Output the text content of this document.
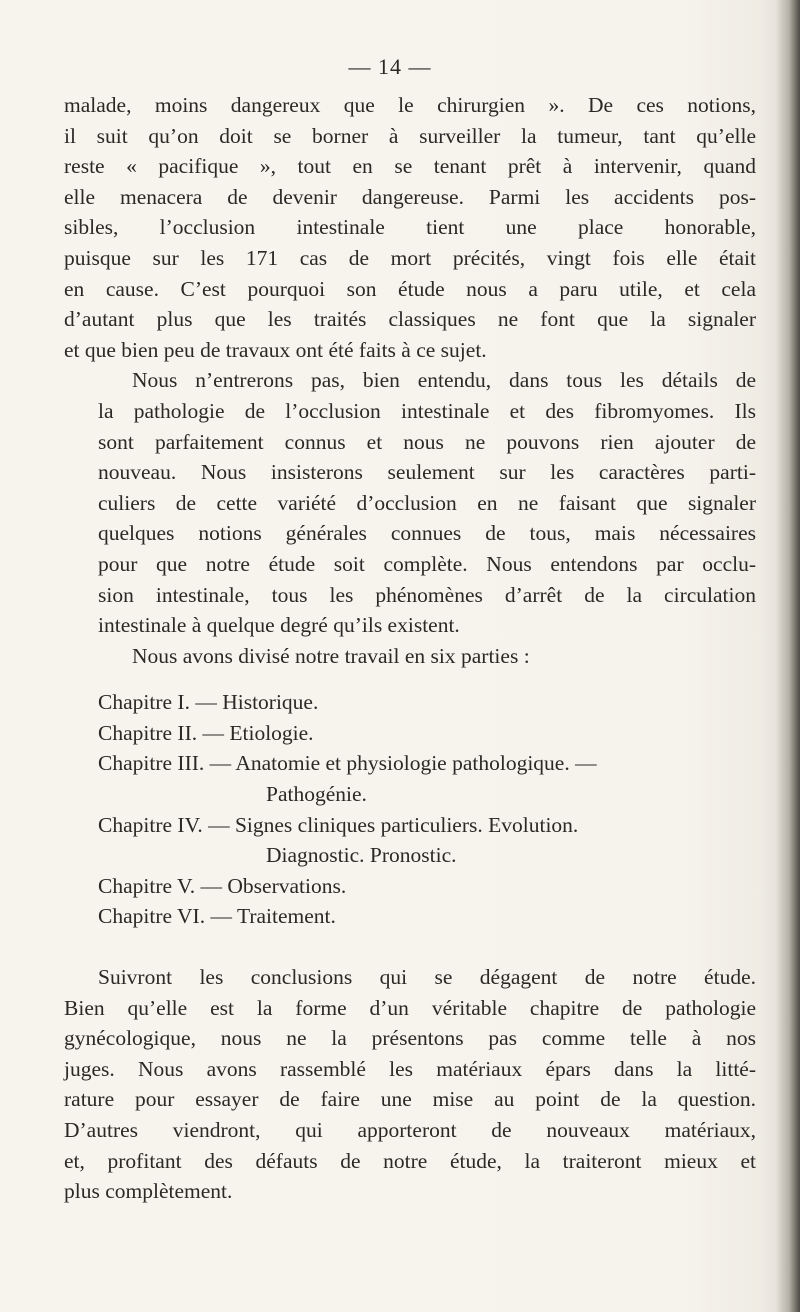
— 14 —
malade, moins dangereux que le chirurgien ». De ces notions,
il suit qu’on doit se borner à surveiller la tumeur, tant qu’elle
reste « pacifique », tout en se tenant prêt à intervenir, quand
elle menacera de devenir dangereuse. Parmi les accidents pos-
sibles, l’occlusion intestinale tient une place honorable,
puisque sur les 171 cas de mort précités, vingt fois elle était
en cause. C’est pourquoi son étude nous a paru utile, et cela
d’autant plus que les traités classiques ne font que la signaler
et que bien peu de travaux ont été faits à ce sujet.
Nous n’entrerons pas, bien entendu, dans tous les détails de
la pathologie de l’occlusion intestinale et des fibromyomes. Ils
sont parfaitement connus et nous ne pouvons rien ajouter de
nouveau. Nous insisterons seulement sur les caractères parti-
culiers de cette variété d’occlusion en ne faisant que signaler
quelques notions générales connues de tous, mais nécessaires
pour que notre étude soit complète. Nous entendons par occlu-
sion intestinale, tous les phénomènes d’arrêt de la circulation
intestinale à quelque degré qu’ils existent.
Nous avons divisé notre travail en six parties :
Chapitre I. — Historique.
Chapitre II. — Etiologie.
Chapitre III. — Anatomie et physiologie pathologique. —
Pathogénie.
Chapitre IV. — Signes cliniques particuliers. Evolution.
Diagnostic. Pronostic.
Chapitre V. — Observations.
Chapitre VI. — Traitement.
Suivront les conclusions qui se dégagent de notre étude.
Bien qu’elle est la forme d’un véritable chapitre de pathologie
gynécologique, nous ne la présentons pas comme telle à nos
juges. Nous avons rassemblé les matériaux épars dans la litté-
rature pour essayer de faire une mise au point de la question.
D’autres viendront, qui apporteront de nouveaux matériaux,
et, profitant des défauts de notre étude, la traiteront mieux et
plus complètement.
